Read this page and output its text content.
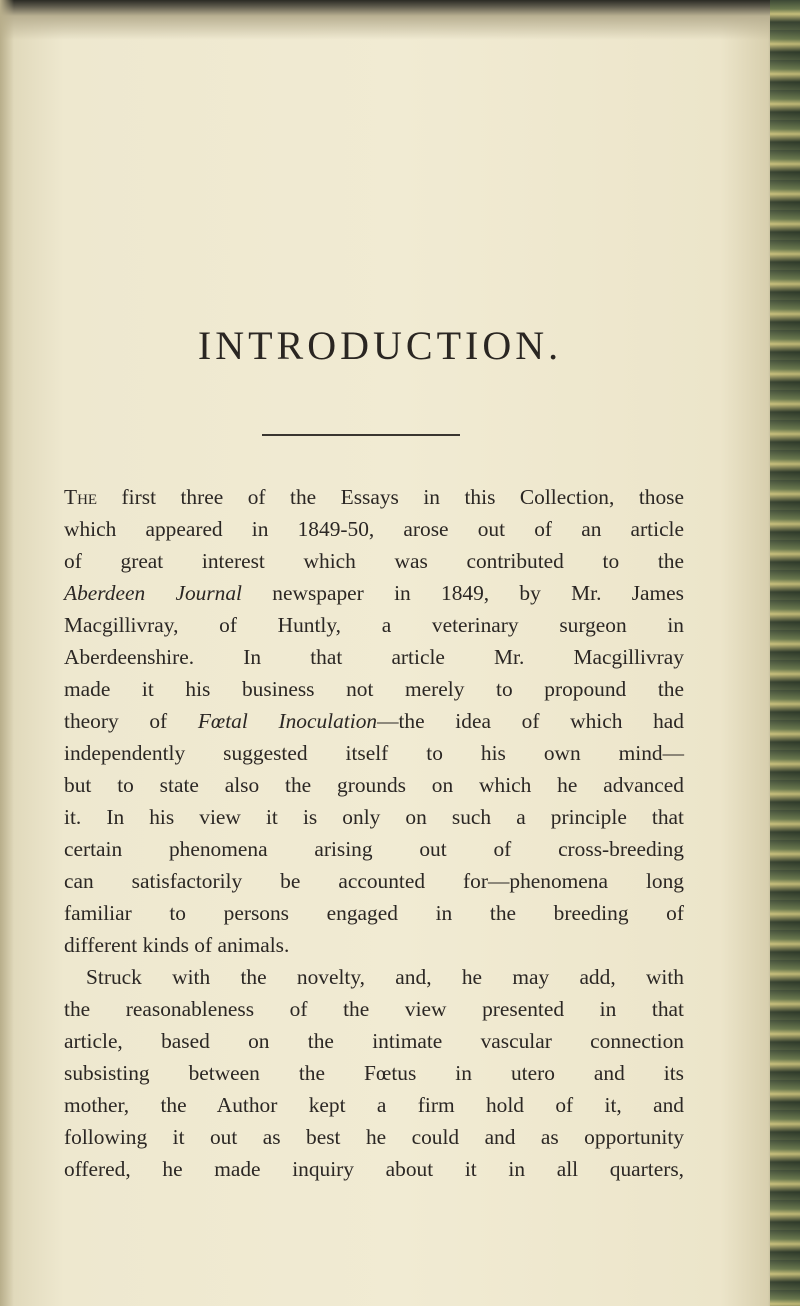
INTRODUCTION.
The first three of the Essays in this Collection, those
which appeared in 1849-50, arose out of an article
of great interest which was contributed to the
Aberdeen Journal newspaper in 1849, by Mr. James
Macgillivray, of Huntly, a veterinary surgeon in
Aberdeenshire. In that article Mr. Macgillivray
made it his business not merely to propound the
theory of Fœtal Inoculation—the idea of which had
independently suggested itself to his own mind—
but to state also the grounds on which he advanced
it. In his view it is only on such a principle that
certain phenomena arising out of cross-breeding
can satisfactorily be accounted for—phenomena long
familiar to persons engaged in the breeding of
different kinds of animals.
Struck with the novelty, and, he may add, with
the reasonableness of the view presented in that
article, based on the intimate vascular connection
subsisting between the Fœtus in utero and its
mother, the Author kept a firm hold of it, and
following it out as best he could and as opportunity
offered, he made inquiry about it in all quarters,
